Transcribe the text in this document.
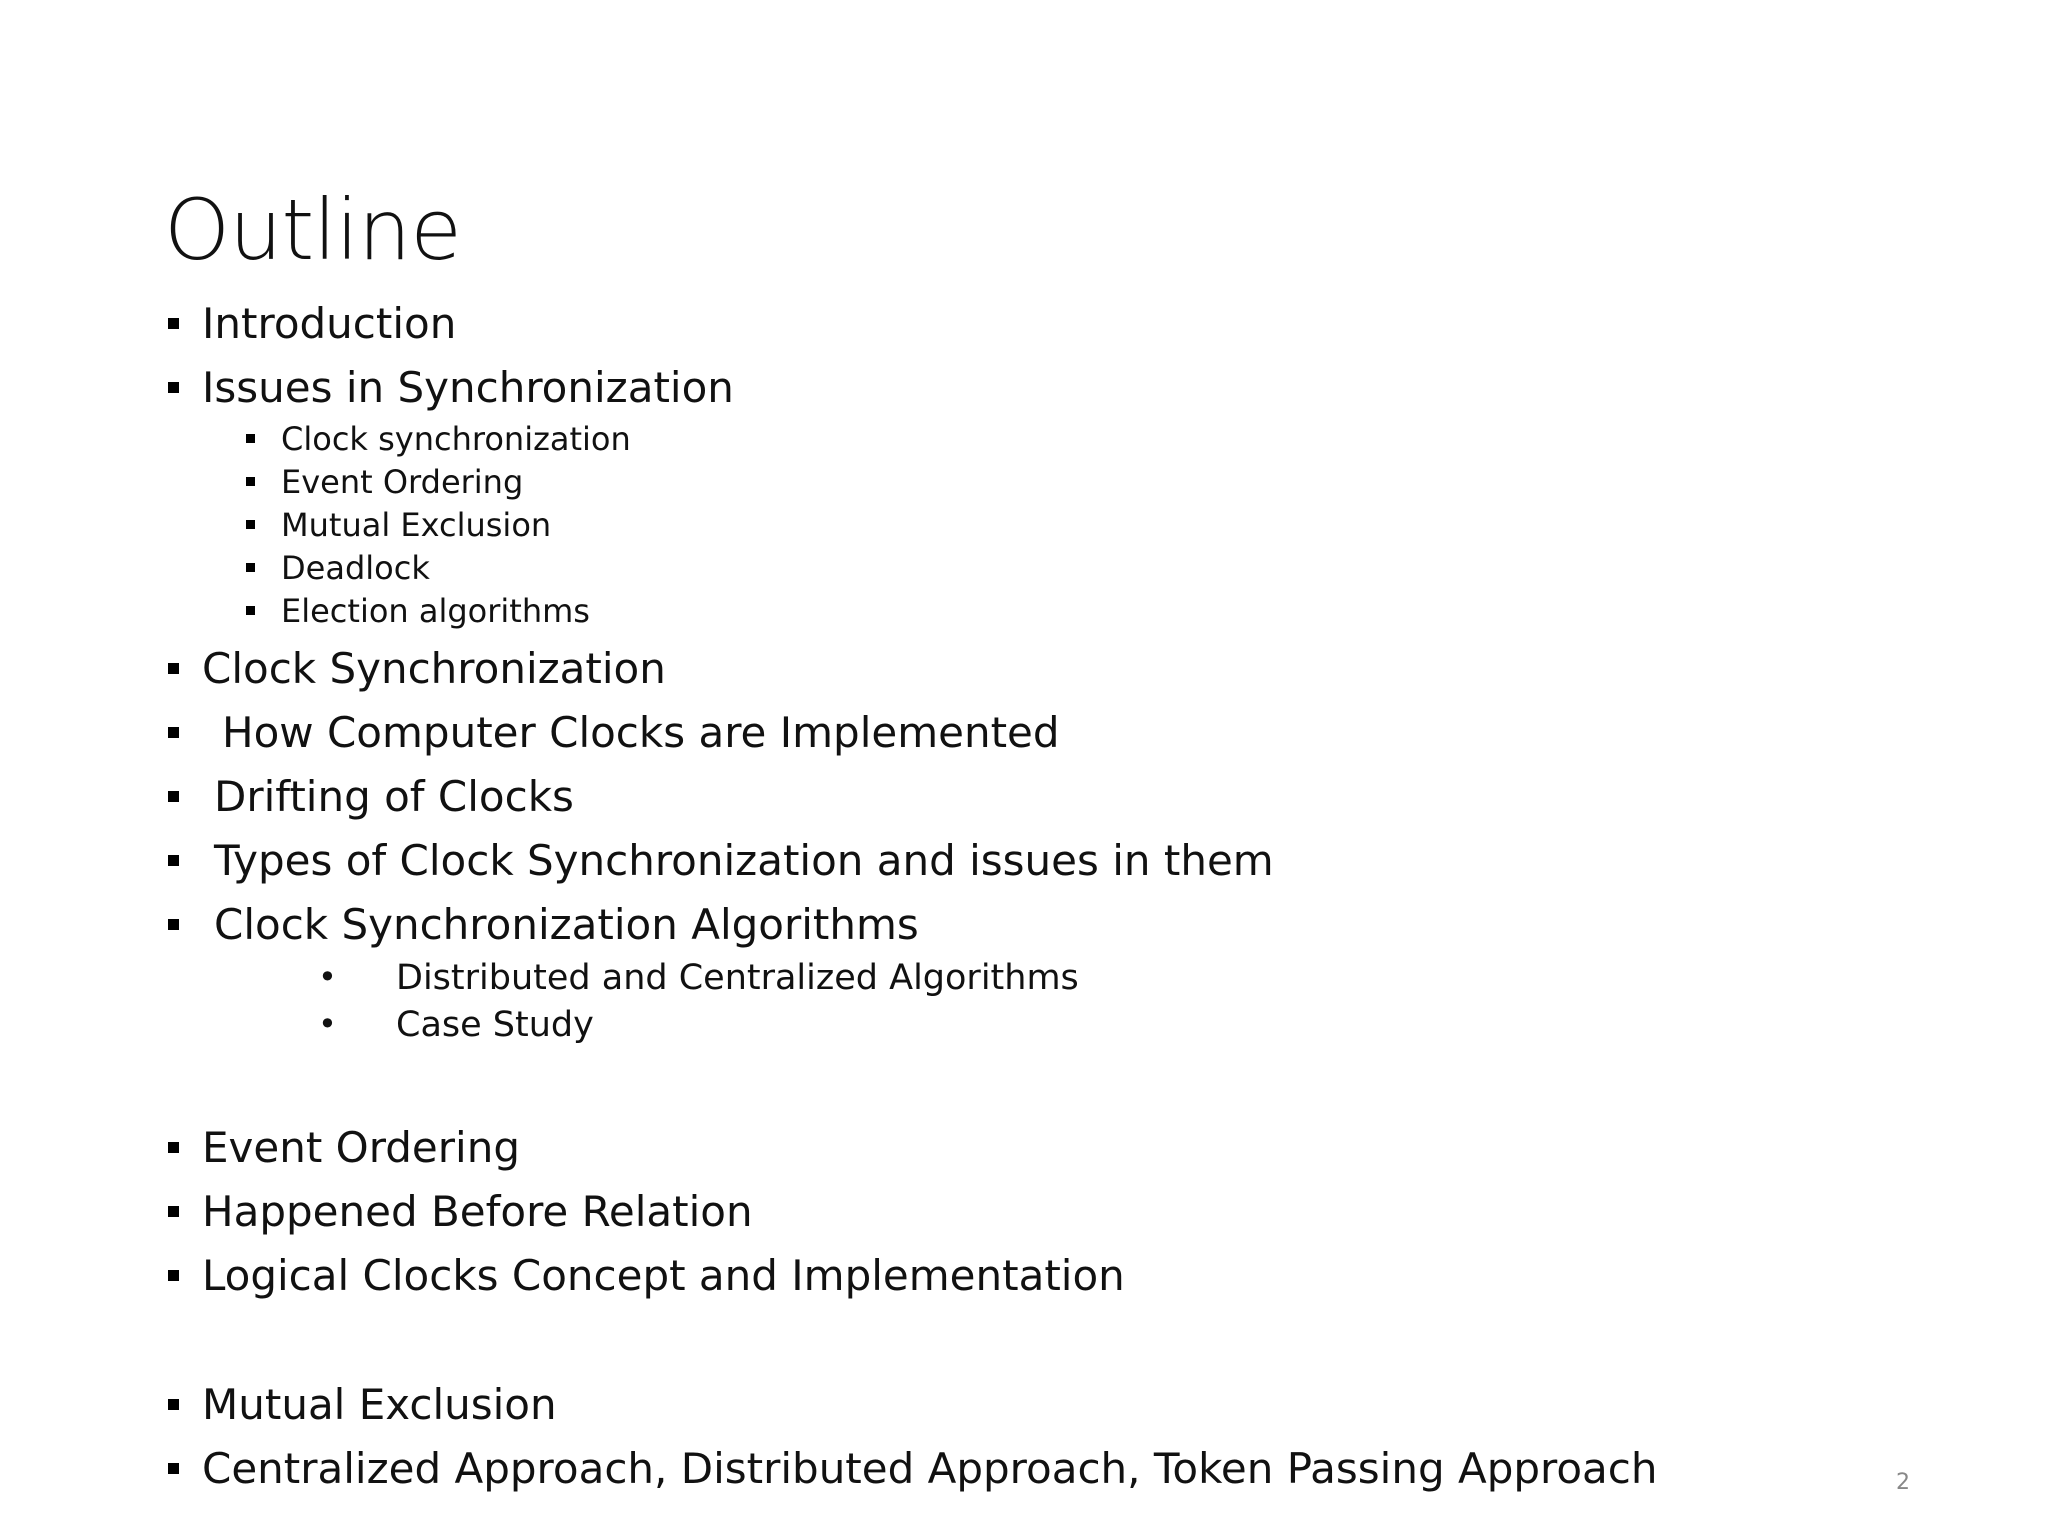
Outline
Introduction
Issues in Synchronization
Clock synchronization
Event Ordering
Mutual Exclusion
Deadlock
Election algorithms
Clock Synchronization
How Computer Clocks are Implemented
Drifting of Clocks
Types of Clock Synchronization and issues in them
Clock Synchronization Algorithms
• Distributed and Centralized Algorithms
• Case Study
Event Ordering
Happened Before Relation
Logical Clocks Concept and Implementation
Mutual Exclusion
Centralized Approach, Distributed Approach, Token Passing Approach	2
